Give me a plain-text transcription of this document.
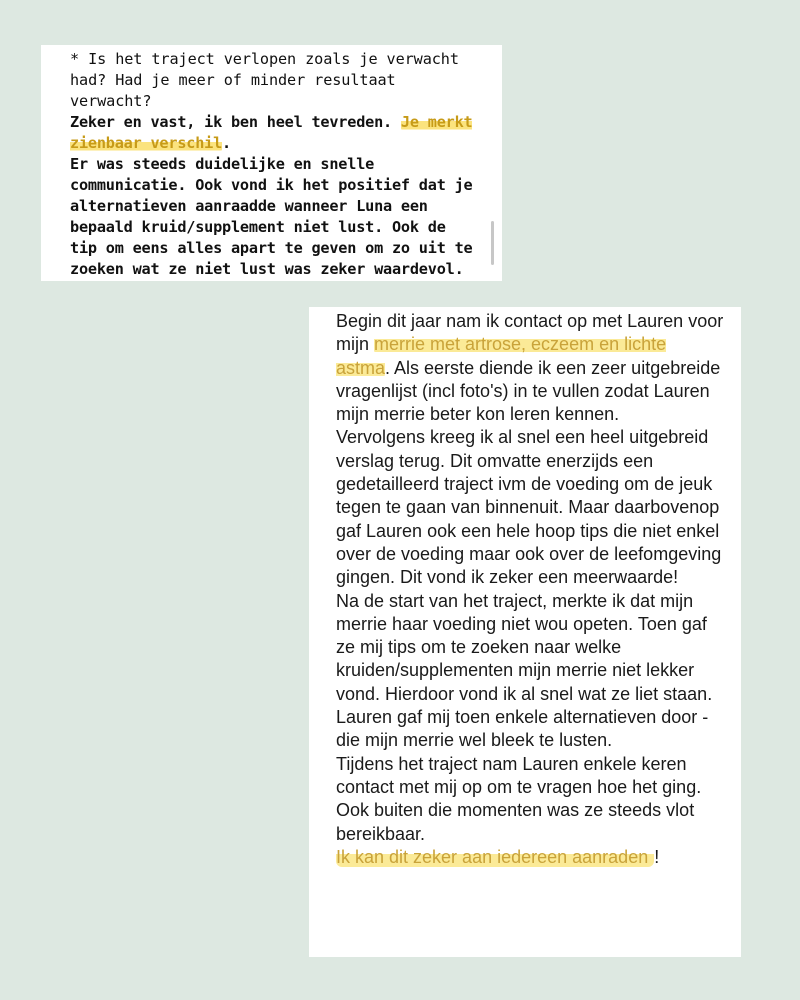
* Is het traject verlopen zoals je verwacht had? Had je meer of minder resultaat verwacht?

Zeker en vast, ik ben heel tevreden. Je merkt zienbaar verschil.

Er was steeds duidelijke en snelle communicatie. Ook vond ik het positief dat je alternatieven aanraadde wanneer Luna een bepaald kruid/supplement niet lust. Ook de tip om eens alles apart te geven om zo uit te zoeken wat ze niet lust was zeker waardevol.

Begin dit jaar nam ik contact op met Lauren voor mijn merrie met artrose, eczeem en lichte astma. Als eerste diende ik een zeer uitgebreide vragenlijst (incl foto's) in te vullen zodat Lauren mijn merrie beter kon leren kennen.

Vervolgens kreeg ik al snel een heel uitgebreid verslag terug. Dit omvatte enerzijds een gedetailleerd traject ivm de voeding om de jeuk tegen te gaan van binnenuit. Maar daarbovenop gaf Lauren ook een hele hoop tips die niet enkel over de voeding maar ook over de leefomgeving gingen. Dit vond ik zeker een meerwaarde!

Na de start van het traject, merkte ik dat mijn merrie haar voeding niet wou opeten. Toen gaf ze mij tips om te zoeken naar welke kruiden/supplementen mijn merrie niet lekker vond. Hierdoor vond ik al snel wat ze liet staan. Lauren gaf mij toen enkele alternatieven door - die mijn merrie wel bleek te lusten.

Tijdens het traject nam Lauren enkele keren contact met mij op om te vragen hoe het ging. Ook buiten die momenten was ze steeds vlot bereikbaar.

Ik kan dit zeker aan iedereen aanraden !
